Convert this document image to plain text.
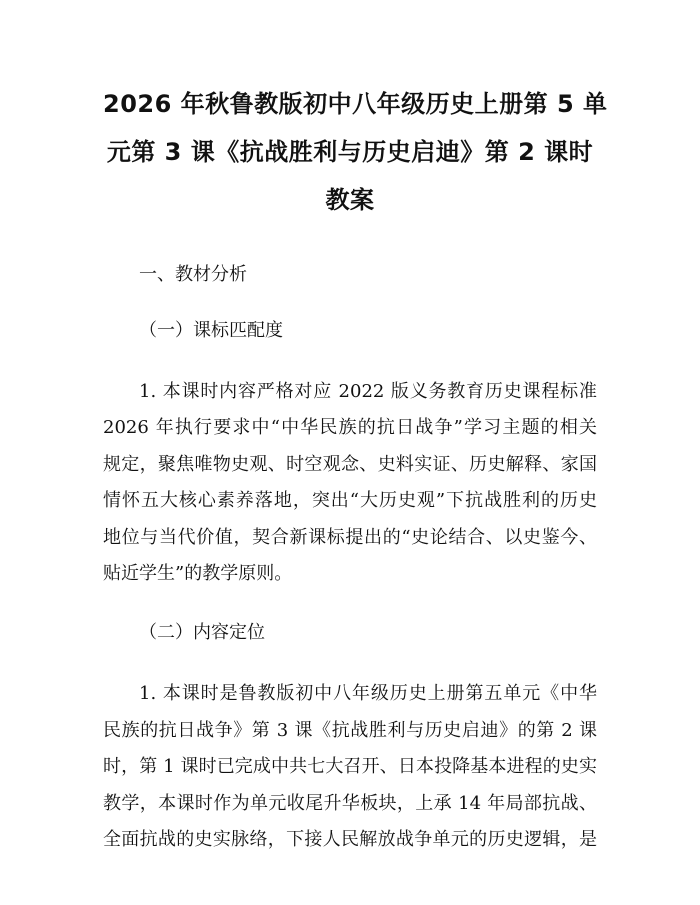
2026 年秋鲁教版初中八年级历史上册第 5 单
元第 3 课《抗战胜利与历史启迪》第 2 课时
教案

一、教材分析

（一）课标匹配度

1. 本课时内容严格对应 2022 版义务教育历史课程标准
2026 年执行要求中“中华民族的抗日战争”学习主题的相关
规定，聚焦唯物史观、时空观念、史料实证、历史解释、家国
情怀五大核心素养落地，突出“大历史观”下抗战胜利的历史
地位与当代价值，契合新课标提出的“史论结合、以史鉴今、
贴近学生”的教学原则。

（二）内容定位

1. 本课时是鲁教版初中八年级历史上册第五单元《中华
民族的抗日战争》第 3 课《抗战胜利与历史启迪》的第 2 课
时，第 1 课时已完成中共七大召开、日本投降基本进程的史实
教学，本课时作为单元收尾升华板块，上承 14 年局部抗战、
全面抗战的史实脉络，下接人民解放战争单元的历史逻辑，是
